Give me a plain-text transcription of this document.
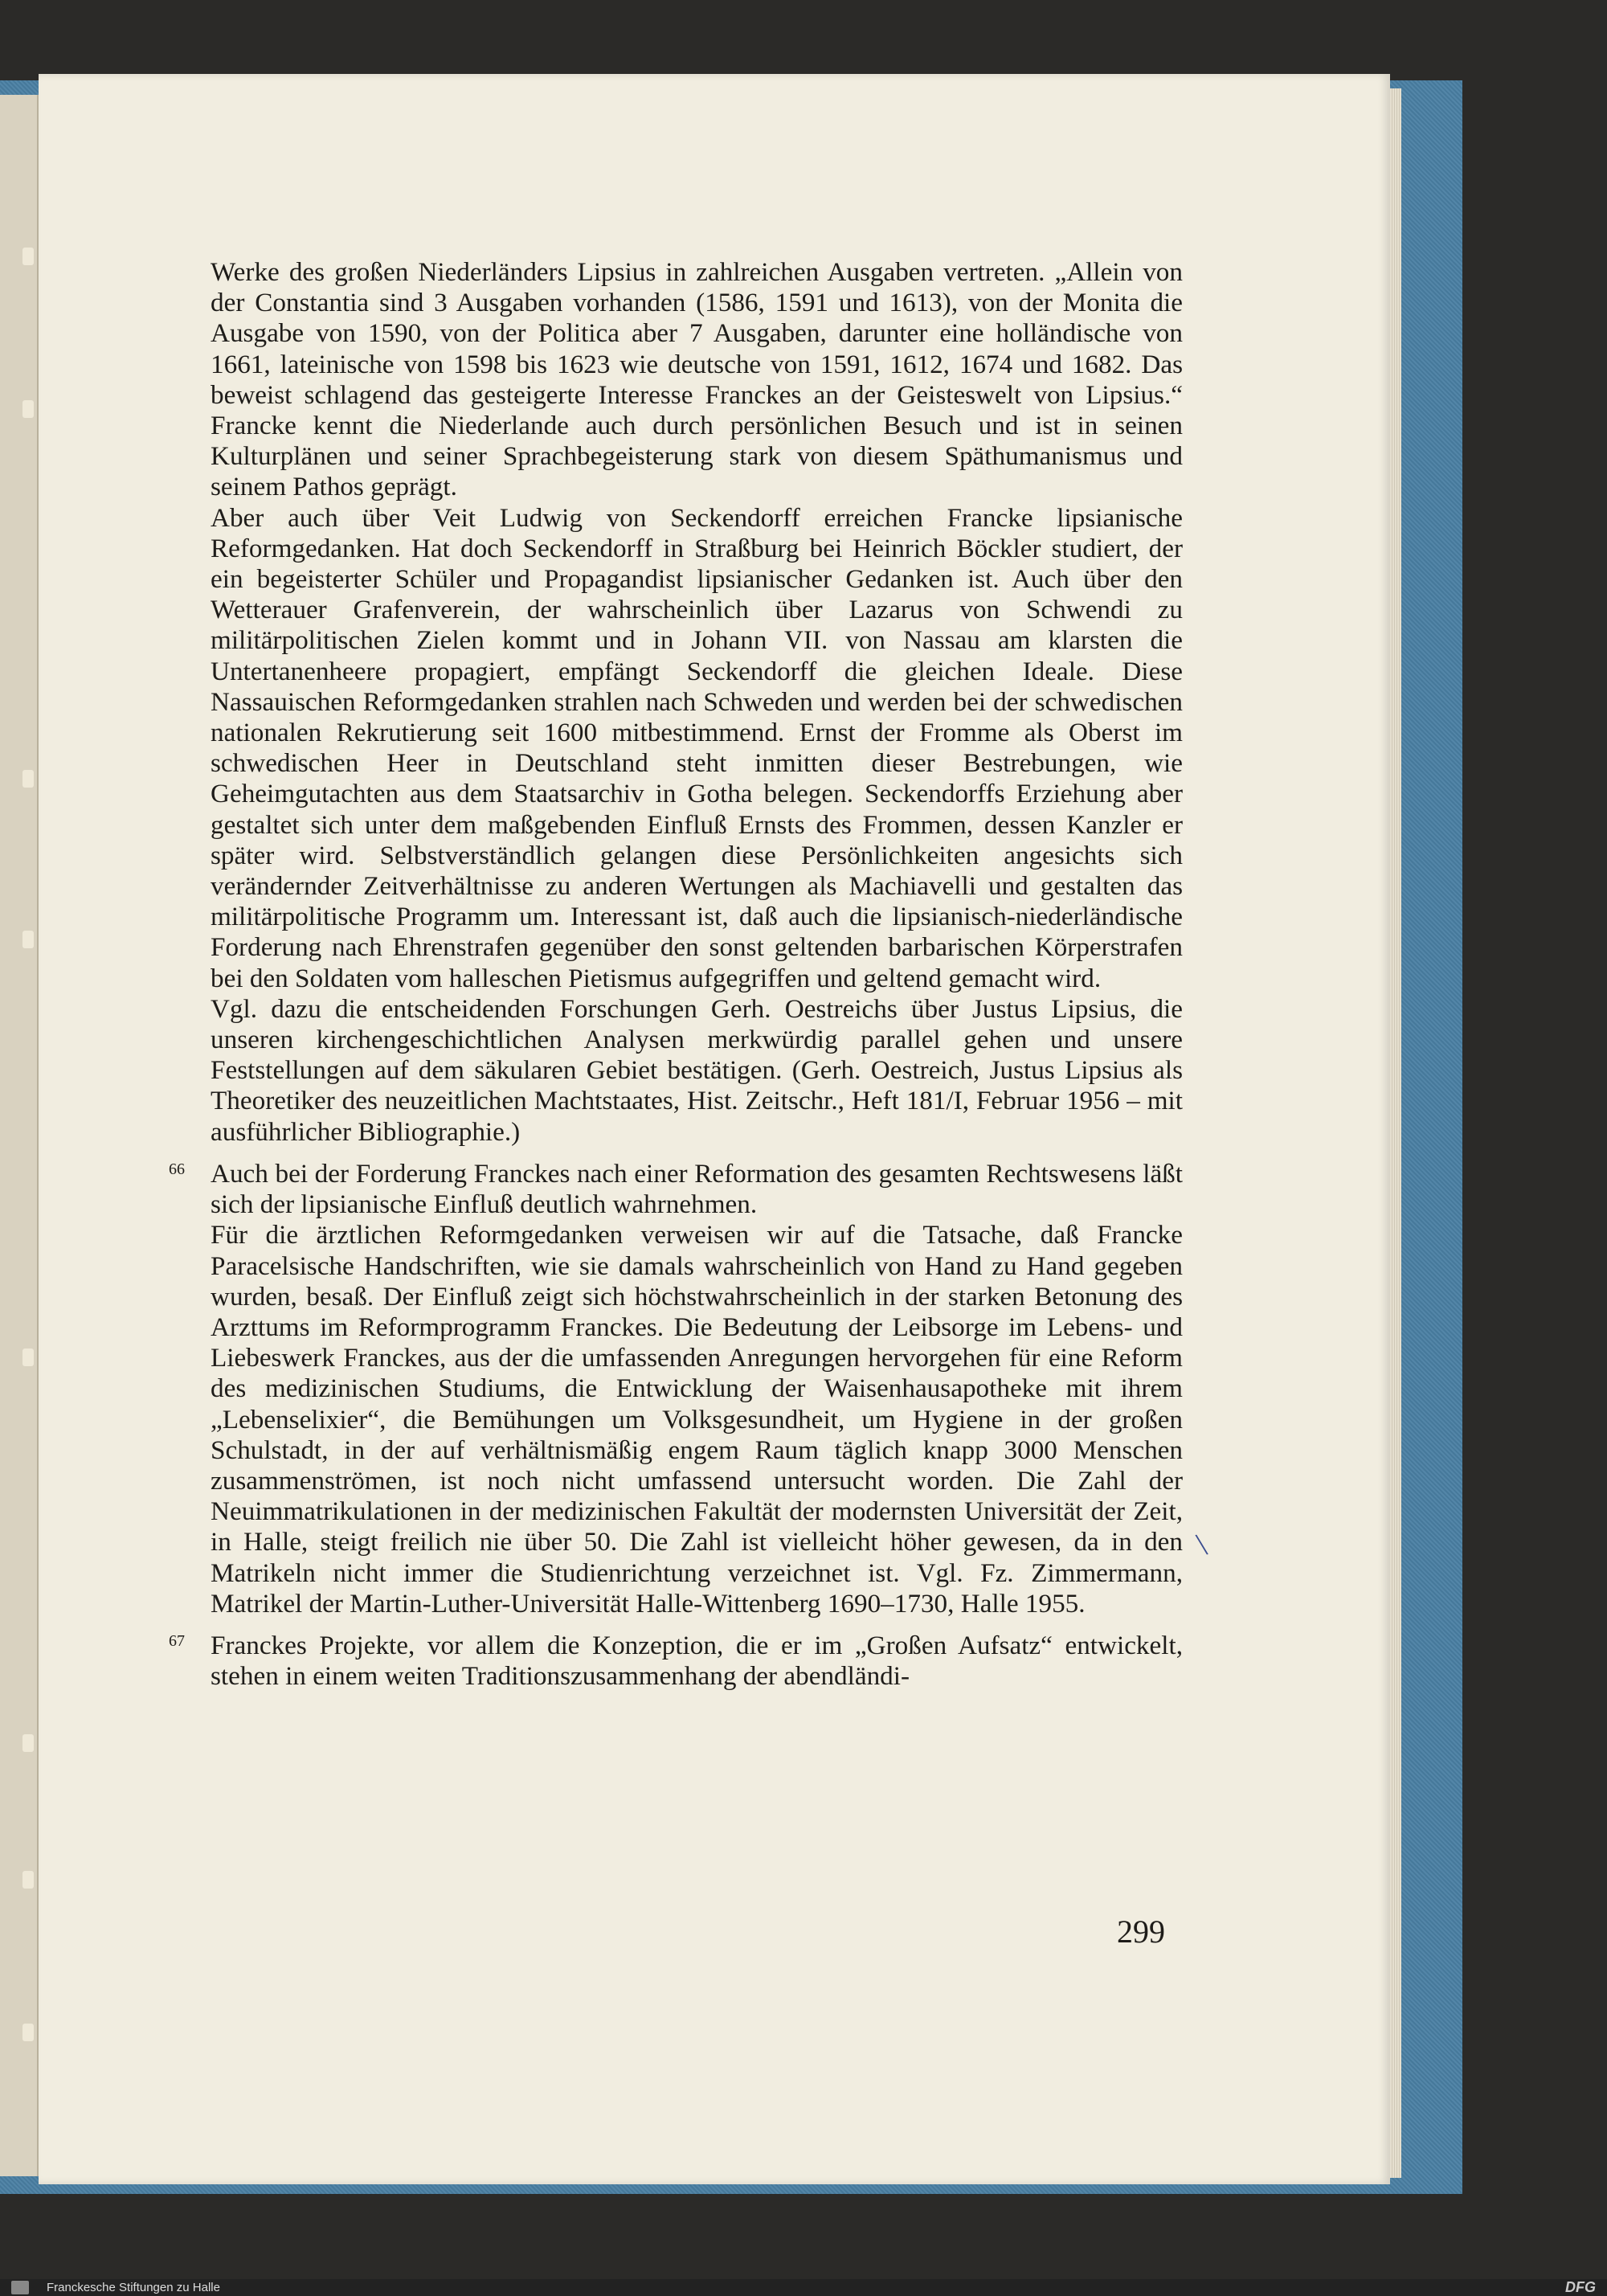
Werke des großen Niederländers Lipsius in zahlreichen Ausgaben vertreten. „Allein von der Constantia sind 3 Ausgaben vorhanden (1586, 1591 und 1613), von der Monita die Ausgabe von 1590, von der Politica aber 7 Ausgaben, darunter eine holländische von 1661, lateinische von 1598 bis 1623 wie deutsche von 1591, 1612, 1674 und 1682. Das beweist schlagend das gesteigerte Interesse Franckes an der Geisteswelt von Lipsius.“ Francke kennt die Niederlande auch durch persönlichen Besuch und ist in seinen Kulturplänen und seiner Sprachbegeisterung stark von diesem Späthumanismus und seinem Pathos geprägt.

Aber auch über Veit Ludwig von Seckendorff erreichen Francke lipsianische Reformgedanken. Hat doch Seckendorff in Straßburg bei Heinrich Böckler studiert, der ein begeisterter Schüler und Propagandist lipsianischer Gedanken ist. Auch über den Wetterauer Grafenverein, der wahrscheinlich über Lazarus von Schwendi zu militärpolitischen Zielen kommt und in Johann VII. von Nassau am klarsten die Untertanenheere propagiert, empfängt Seckendorff die gleichen Ideale. Diese Nassauischen Reformgedanken strahlen nach Schweden und werden bei der schwedischen nationalen Rekrutierung seit 1600 mitbestimmend. Ernst der Fromme als Oberst im schwedischen Heer in Deutschland steht inmitten dieser Bestrebungen, wie Geheimgutachten aus dem Staatsarchiv in Gotha belegen. Seckendorffs Erziehung aber gestaltet sich unter dem maßgebenden Einfluß Ernsts des Frommen, dessen Kanzler er später wird. Selbstverständlich gelangen diese Persönlichkeiten angesichts sich verändernder Zeitverhältnisse zu anderen Wertungen als Machiavelli und gestalten das militärpolitische Programm um. Interessant ist, daß auch die lipsianisch-niederländische Forderung nach Ehrenstrafen gegenüber den sonst geltenden barbarischen Körperstrafen bei den Soldaten vom halleschen Pietismus aufgegriffen und geltend gemacht wird.

Vgl. dazu die entscheidenden Forschungen Gerh. Oestreichs über Justus Lipsius, die unseren kirchengeschichtlichen Analysen merkwürdig parallel gehen und unsere Feststellungen auf dem säkularen Gebiet bestätigen. (Gerh. Oestreich, Justus Lipsius als Theoretiker des neuzeitlichen Machtstaates, Hist. Zeitschr., Heft 181/I, Februar 1956 – mit ausführlicher Bibliographie.)

66 Auch bei der Forderung Franckes nach einer Reformation des gesamten Rechtswesens läßt sich der lipsianische Einfluß deutlich wahrnehmen.

Für die ärztlichen Reformgedanken verweisen wir auf die Tatsache, daß Francke Paracelsische Handschriften, wie sie damals wahrscheinlich von Hand zu Hand gegeben wurden, besaß. Der Einfluß zeigt sich höchstwahrscheinlich in der starken Betonung des Arzttums im Reformprogramm Franckes. Die Bedeutung der Leibsorge im Lebens- und Liebeswerk Franckes, aus der die umfassenden Anregungen hervorgehen für eine Reform des medizinischen Studiums, die Entwicklung der Waisenhausapotheke mit ihrem „Lebenselixier“, die Bemühungen um Volksgesundheit, um Hygiene in der großen Schulstadt, in der auf verhältnismäßig engem Raum täglich knapp 3000 Menschen zusammenströmen, ist noch nicht umfassend untersucht worden. Die Zahl der Neuimmatrikulationen in der medizinischen Fakultät der modernsten Universität der Zeit, in Halle, steigt freilich nie über 50. Die Zahl ist vielleicht höher gewesen, da in den Matrikeln nicht immer die Studienrichtung verzeichnet ist. Vgl. Fz. Zimmermann, Matrikel der Martin-Luther-Universität Halle-Wittenberg 1690–1730, Halle 1955.

67 Franckes Projekte, vor allem die Konzeption, die er im „Großen Aufsatz“ entwickelt, stehen in einem weiten Traditionszusammenhang der abendländi-

\
299
Franckesche Stiftungen zu Halle	DFG
